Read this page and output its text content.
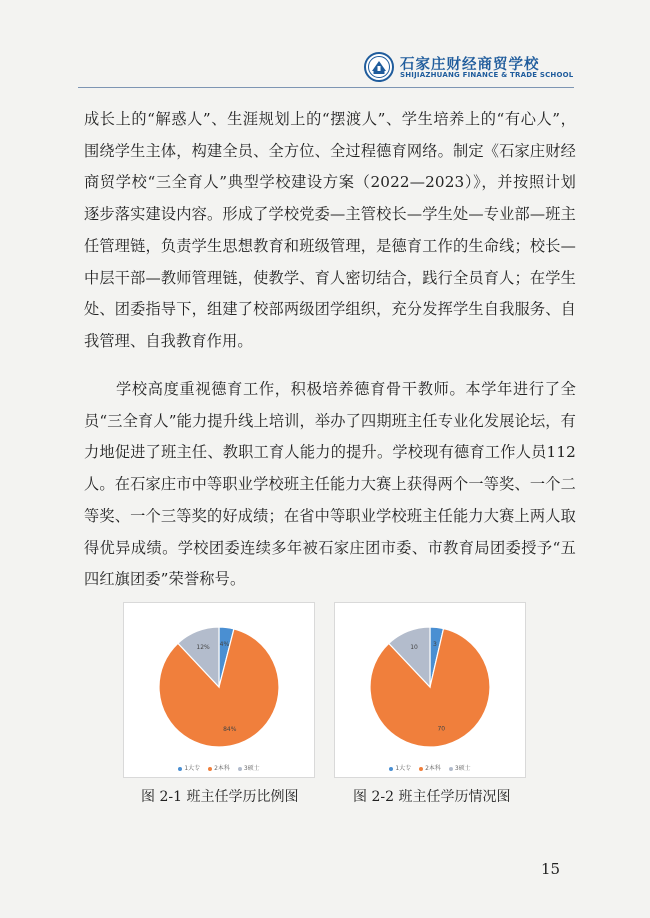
石家庄财经商贸学校
SHIJIAZHUANG FINANCE & TRADE SCHOOL

成长上的“解惑人”、生涯规划上的“摆渡人”、学生培养上的“有心人”，围绕学生主体，构建全员、全方位、全过程德育网络。制定《石家庄财经商贸学校“三全育人”典型学校建设方案（2022—2023）》，并按照计划逐步落实建设内容。形成了学校党委—主管校长—学生处—专业部—班主任管理链，负责学生思想教育和班级管理，是德育工作的生命线；校长—中层干部—教师管理链，使教学、育人密切结合，践行全员育人；在学生处、团委指导下，组建了校部两级团学组织，充分发挥学生自我服务、自我管理、自我教育作用。

学校高度重视德育工作，积极培养德育骨干教师。本学年进行了全员“三全育人”能力提升线上培训，举办了四期班主任专业化发展论坛，有力地促进了班主任、教职工育人能力的提升。学校现有德育工作人员112人。在石家庄市中等职业学校班主任能力大赛上获得两个一等奖、一个二等奖、一个三等奖的好成绩；在省中等职业学校班主任能力大赛上两人取得优异成绩。学校团委连续多年被石家庄团市委、市教育局团委授予“五四红旗团委”荣誉称号。

4%
84%
12%
1大专 2本科 3硕士
3
70
10
1大专 2本科 3硕士
图 2-1 班主任学历比例图	图 2-2 班主任学历情况图
15
